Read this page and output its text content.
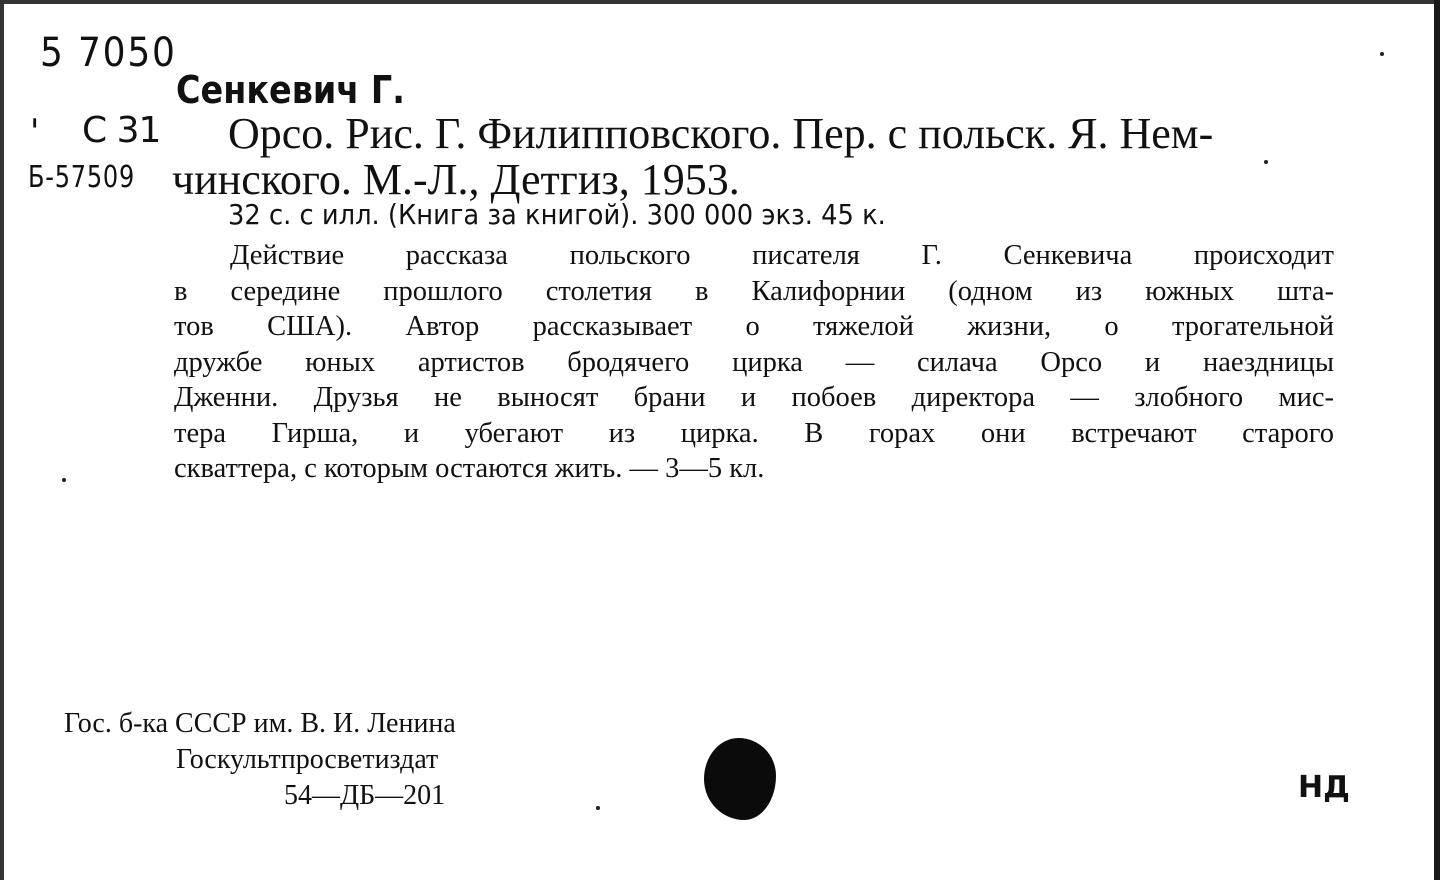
5 7050
'
Б-57509
С 31
Сенкевич Г.
Орсо. Рис. Г. Филипповского. Пер. с польск. Я. Нем-
чинского. М.-Л., Детгиз, 1953.
32 с. с илл. (Книга за книгой). 300 000 экз. 45 к.
Действие рассказа польского писателя Г. Сенкевича происходит
в середине прошлого столетия в Калифорнии (одном из южных шта-
тов США). Автор рассказывает о тяжелой жизни, о трогательной
дружбе юных артистов бродячего цирка — силача Орсо и наездницы
Дженни. Друзья не выносят брани и побоев директора — злобного мис-
тера Гирша, и убегают из цирка. В горах они встречают старого
скваттера, с которым остаются жить. — 3—5 кл.
Гос. б-ка СССР им. В. И. Ленина
Госкультпросветиздат
54—ДБ—201	НД
